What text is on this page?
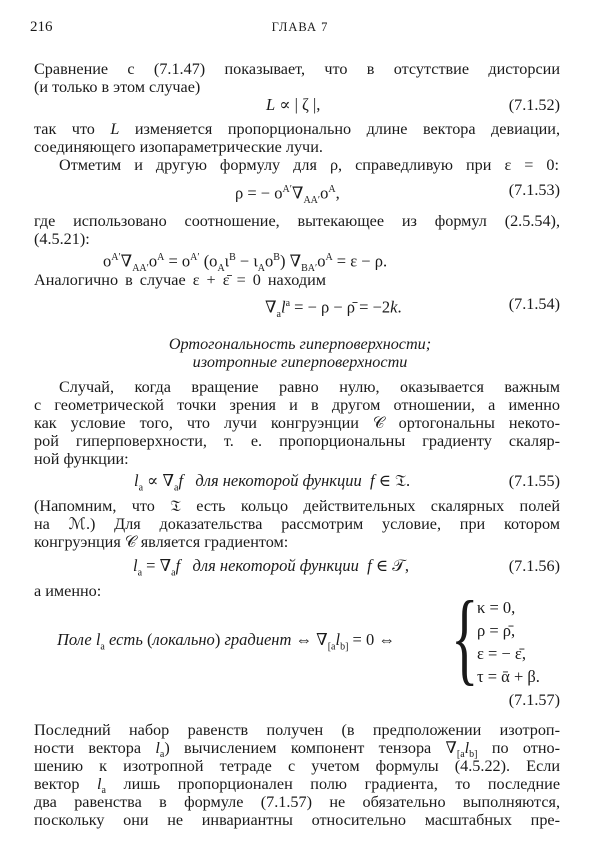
216	ГЛАВА 7
Сравнение с (7.1.47) показывает, что в отсутствие дисторсии
(и только в этом случае)
L ∝ | ζ |,	(7.1.52)
так что L изменяется пропорционально длине вектора девиации,
соединяющего изопараметрические лучи.
Отметим и другую формулу для ρ, справедливую при ε = 0:
ρ = − $o^{A'}\nabla_{AA'}o^A$,	(7.1.53)
где использовано соотношение, вытекающее из формул (2.5.54),
(4.5.21):
$o^{A'}\nabla_{AA'}o^A = o^{A'}$ $(o_A\iota^B - \iota_Ao^B) \nabla_{BA'}o^A = \varepsilon - \rho$.
Аналогично в случае ε + ε̄ = 0 находим
$\nabla_al^a$ = − ρ − ρ̄ = −2k.	(7.1.54)
Ортогональность гиперповерхности;
изотропные гиперповерхности
Случай, когда вращение равно нулю, оказывается важным
с геометрической точки зрения и в другом отношении, а именно
как условие того, что лучи конгруэнции 𝒞 ортогональны некото-
рой гиперповерхности, т. е. пропорциональны градиенту скаляр-
ной функции:
$l_a \propto \nabla_af$ для некоторой функции f ∈ 𝔗.	(7.1.55)
(Напомним, что 𝔗 есть кольцо действительных скалярных полей
на ℳ.) Для доказательства рассмотрим условие, при котором
конгруэнция 𝒞 является градиентом:
$l_a = \nabla_af$ для некоторой функции f ∈ 𝒯,	(7.1.56)
а именно:
Поле $l_a$ есть (локально) градиент ⇔ $\nabla_{[a}l_{b]} = 0$ ⇔ {
κ = 0,
ρ = ρ̄,
ε = − ε̄,
τ = ᾱ + β.
(7.1.57)
Последний набор равенств получен (в предположении изотроп-
ности вектора $l_a$) вычислением компонент тензора $\nabla_{[a}l_{b]}$ по отно-
шению к изотропной тетраде с учетом формулы (4.5.22). Если
вектор $l_a$ лишь пропорционален полю градиента, то последние
два равенства в формуле (7.1.57) не обязательно выполняются,
поскольку они не инвариантны относительно масштабных пре-
